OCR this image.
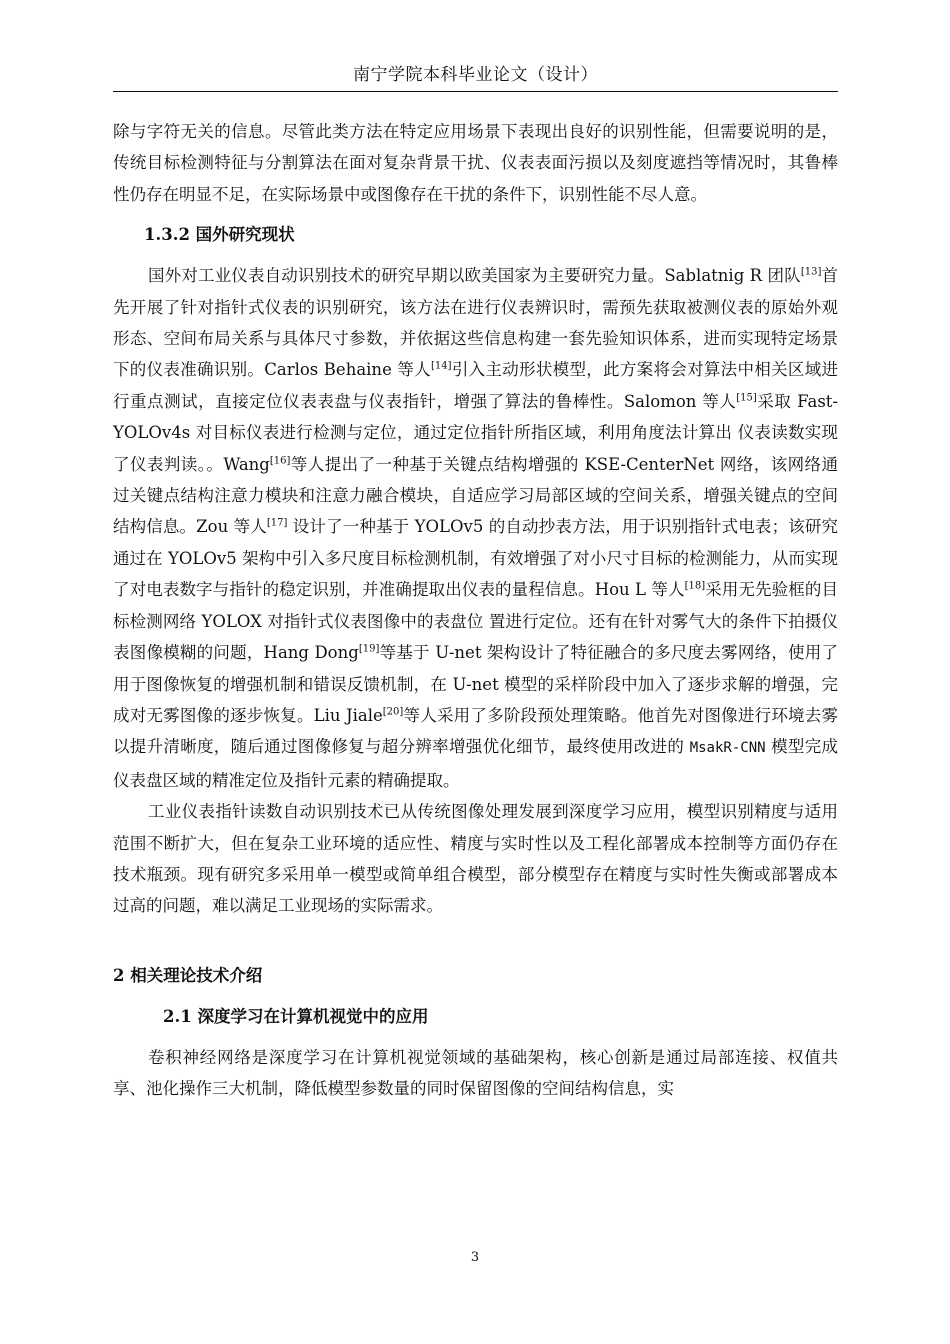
南宁学院本科毕业论文（设计）

除与字符无关的信息。尽管此类方法在特定应用场景下表现出良好的识别性能，但需要说明的是，传统目标检测特征与分割算法在面对复杂背景干扰、仪表表面污损以及刻度遮挡等情况时，其鲁棒性仍存在明显不足，在实际场景中或图像存在干扰的条件下，识别性能不尽人意。

1.3.2 国外研究现状

国外对工业仪表自动识别技术的研究早期以欧美国家为主要研究力量。Sablatnig R 团队[13]首先开展了针对指针式仪表的识别研究，该方法在进行仪表辨识时，需预先获取被测仪表的原始外观形态、空间布局关系与具体尺寸参数，并依据这些信息构建一套先验知识体系，进而实现特定场景下的仪表准确识别。Carlos Behaine 等人[14]引入主动形状模型，此方案将会对算法中相关区域进行重点测试，直接定位仪表表盘与仪表指针，增强了算法的鲁棒性。Salomon 等人[15]采取 Fast-YOLOv4s 对目标仪表进行检测与定位，通过定位指针所指区域，利用角度法计算出 仪表读数实现了仪表判读。。Wang[16]等人提出了一种基于关键点结构增强的 KSE-CenterNet 网络，该网络通过关键点结构注意力模块和注意力融合模块，自适应学习局部区域的空间关系，增强关键点的空间结构信息。Zou 等人[17] 设计了一种基于 YOLOv5 的自动抄表方法，用于识别指针式电表；该研究通过在 YOLOv5 架构中引入多尺度目标检测机制，有效增强了对小尺寸目标的检测能力，从而实现了对电表数字与指针的稳定识别，并准确提取出仪表的量程信息。Hou L 等人[18]采用无先验框的目标检测网络 YOLOX 对指针式仪表图像中的表盘位 置进行定位。还有在针对雾气大的条件下拍摄仪表图像模糊的问题，Hang Dong[19]等基于 U-net 架构设计了特征融合的多尺度去雾网络，使用了用于图像恢复的增强机制和错误反馈机制，在 U-net 模型的采样阶段中加入了逐步求解的增强，完成对无雾图像的逐步恢复。Liu Jiale[20]等人采用了多阶段预处理策略。他首先对图像进行环境去雾以提升清晰度，随后通过图像修复与超分辨率增强优化细节，最终使用改进的 MsakR-CNN 模型完成仪表盘区域的精准定位及指针元素的精确提取。

工业仪表指针读数自动识别技术已从传统图像处理发展到深度学习应用，模型识别精度与适用范围不断扩大，但在复杂工业环境的适应性、精度与实时性以及工程化部署成本控制等方面仍存在技术瓶颈。现有研究多采用单一模型或简单组合模型，部分模型存在精度与实时性失衡或部署成本过高的问题，难以满足工业现场的实际需求。

2 相关理论技术介绍
2.1 深度学习在计算机视觉中的应用

卷积神经网络是深度学习在计算机视觉领域的基础架构，核心创新是通过局部连接、权值共享、池化操作三大机制，降低模型参数量的同时保留图像的空间结构信息，实

3
